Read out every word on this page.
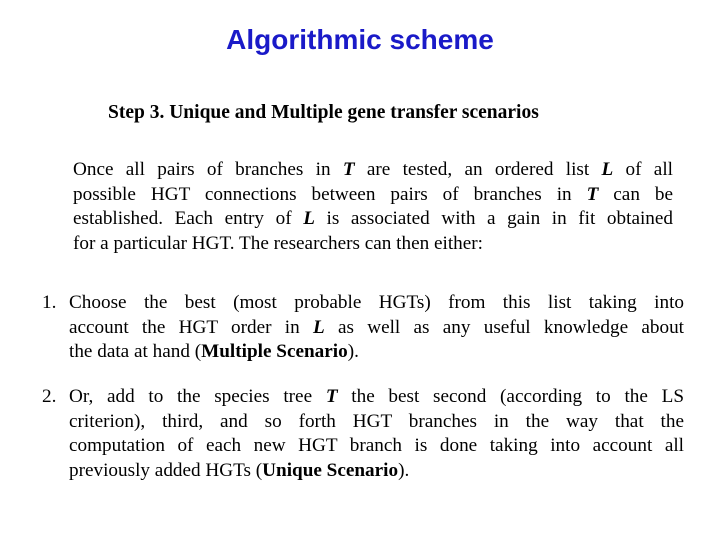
Algorithmic scheme
Step 3. Unique and Multiple gene transfer scenarios
Once all pairs of branches in T are tested, an ordered list L of all
possible HGT connections between pairs of branches in T can be
established. Each entry of L is associated with a gain in fit obtained
for a particular HGT. The researchers can then either:
1. Choose the best (most probable HGTs) from this list taking into
account the HGT order in L as well as any useful knowledge about
the data at hand (Multiple Scenario).
2. Or, add to the species tree T the best second (according to the LS
criterion), third, and so forth HGT branches in the way that the
computation of each new HGT branch is done taking into account all
previously added HGTs (Unique Scenario).
